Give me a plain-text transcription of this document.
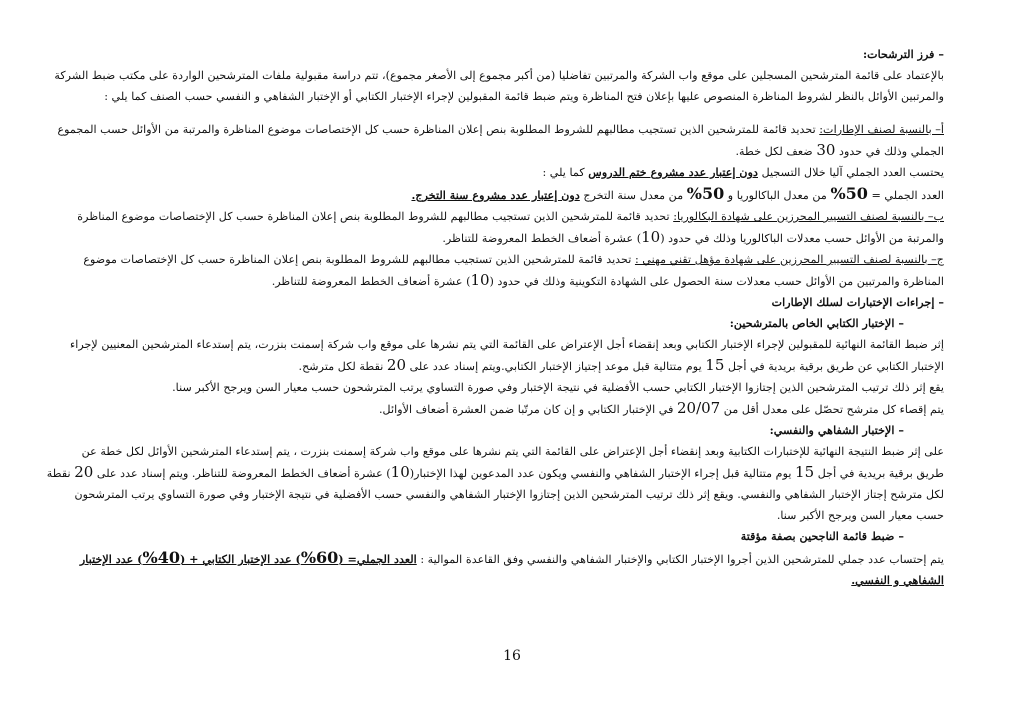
– فرز الترشحات:
بالإعتماد على قائمة المترشحين المسجلين على موقع واب الشركة والمرتبين تفاضليا (من أكبر مجموع إلى الأصغر مجموع)، تتم دراسة مقبولية ملفات المترشحين الواردة على مكتب ضبط الشركة
والمرتبين الأوائل بالنظر لشروط المناظرة المنصوص عليها بإعلان فتح المناظرة ويتم ضبط قائمة المقبولين لإجراء الإختبار الكتابي أو الإختبار الشفاهي و النفسي حسب الصنف كما يلي :
أ– بالنسبة لصنف الإطارات: تحديد قائمة للمترشحين الذين تستجيب مطالبهم للشروط المطلوبة بنص إعلان المناظرة حسب كل الإختصاصات موضوع المناظرة والمرتبة من الأوائل حسب المجموع
الجملي وذلك في حدود 30 ضعف لكل خطة.
يحتسب العدد الجملي آليا خلال التسجيل دون إعتبار عدد مشروع ختم الدروس كما يلي :
العدد الجملي = 50% من معدل الباكالوريا و 50% من معدل سنة التخرج دون إعتبار عدد مشروع سنة التخرج.
ب– بالنسبة لصنف التسيير المحرزين على شهادة البكالوريا: تحديد قائمة للمترشحين الذين تستجيب مطالبهم للشروط المطلوبة بنص إعلان المناظرة حسب كل الإختصاصات موضوع المناظرة
والمرتبة من الأوائل حسب معدلات الباكالوريا وذلك في حدود (10) عشرة أضعاف الخطط المعروضة للتناظر.
ج– بالنسبة لصنف التسيير المحرزين على شهادة مؤهل تقني مهني : تحديد قائمة للمترشحين الذين تستجيب مطالبهم للشروط المطلوبة بنص إعلان المناظرة حسب كل الإختصاصات موضوع
المناظرة والمرتبين من الأوائل حسب معدلات سنة الحصول على الشهادة التكوينية وذلك في حدود (10) عشرة أضعاف الخطط المعروضة للتناظر.
– إجراءات الإختبارات لسلك الإطارات
– الإختبار الكتابي الخاص بالمترشحين:
إثر ضبط القائمة النهائية للمقبولين لإجراء الإختبار الكتابي وبعد إنقضاء أجل الإعتراض على القائمة التي يتم نشرها على موقع واب شركة إسمنت بنزرت، يتم إستدعاء المترشحين المعنيين لإجراء
الإختبار الكتابي عن طريق برقية بريدية في أجل 15 يوم متتالية قبل موعد إجتياز الإختبار الكتابي.ويتم إسناد عدد على 20 نقطة لكل مترشح.
يقع إثر ذلك ترتيب المترشحين الذين إجتازوا الإختبار الكتابي حسب الأفضلية في نتيجة الإختبار وفي صورة التساوي يرتب المترشحون حسب معيار السن ويرجح الأكبر سنا.
يتم إقصاء كل مترشح تحصّل على معدل أقل من 20/07 في الإختبار الكتابي و إن كان مرتّبا ضمن العشرة أضعاف الأوائل.
– الإختبار الشفاهي والنفسي:
على إثر ضبط النتيجة النهائية للإختبارات الكتابية وبعد إنقضاء أجل الإعتراض على القائمة التي يتم نشرها على موقع واب شركة إسمنت بنزرت ، يتم إستدعاء المترشحين الأوائل لكل خطة عن
طريق برقية بريدية في أجل 15 يوم متتالية قبل إجراء الإختبار الشفاهي والنفسي ويكون عدد المدعوين لهذا الإختبار(10) عشرة أضعاف الخطط المعروضة للتناظر. ويتم إسناد عدد على 20 نقطة
لكل مترشح إجتاز الإختبار الشفاهي والنفسي. ويقع إثر ذلك ترتيب المترشحين الذين إجتازوا الإختبار الشفاهي والنفسي حسب الأفضلية في نتيجة الإختبار وفي صورة التساوي يرتب المترشحون
حسب معيار السن ويرجح الأكبر سنا.
– ضبط قائمة الناجحين بصفة مؤقتة
يتم إحتساب عدد جملي للمترشحين الذين أجروا الإختبار الكتابي والإختبار الشفاهي والنفسي وفق القاعدة الموالية : العدد الجملي= (60%) عدد الإختبار الكتابي + (40%) عدد الإختبار
الشفاهي و النفسي.
16
